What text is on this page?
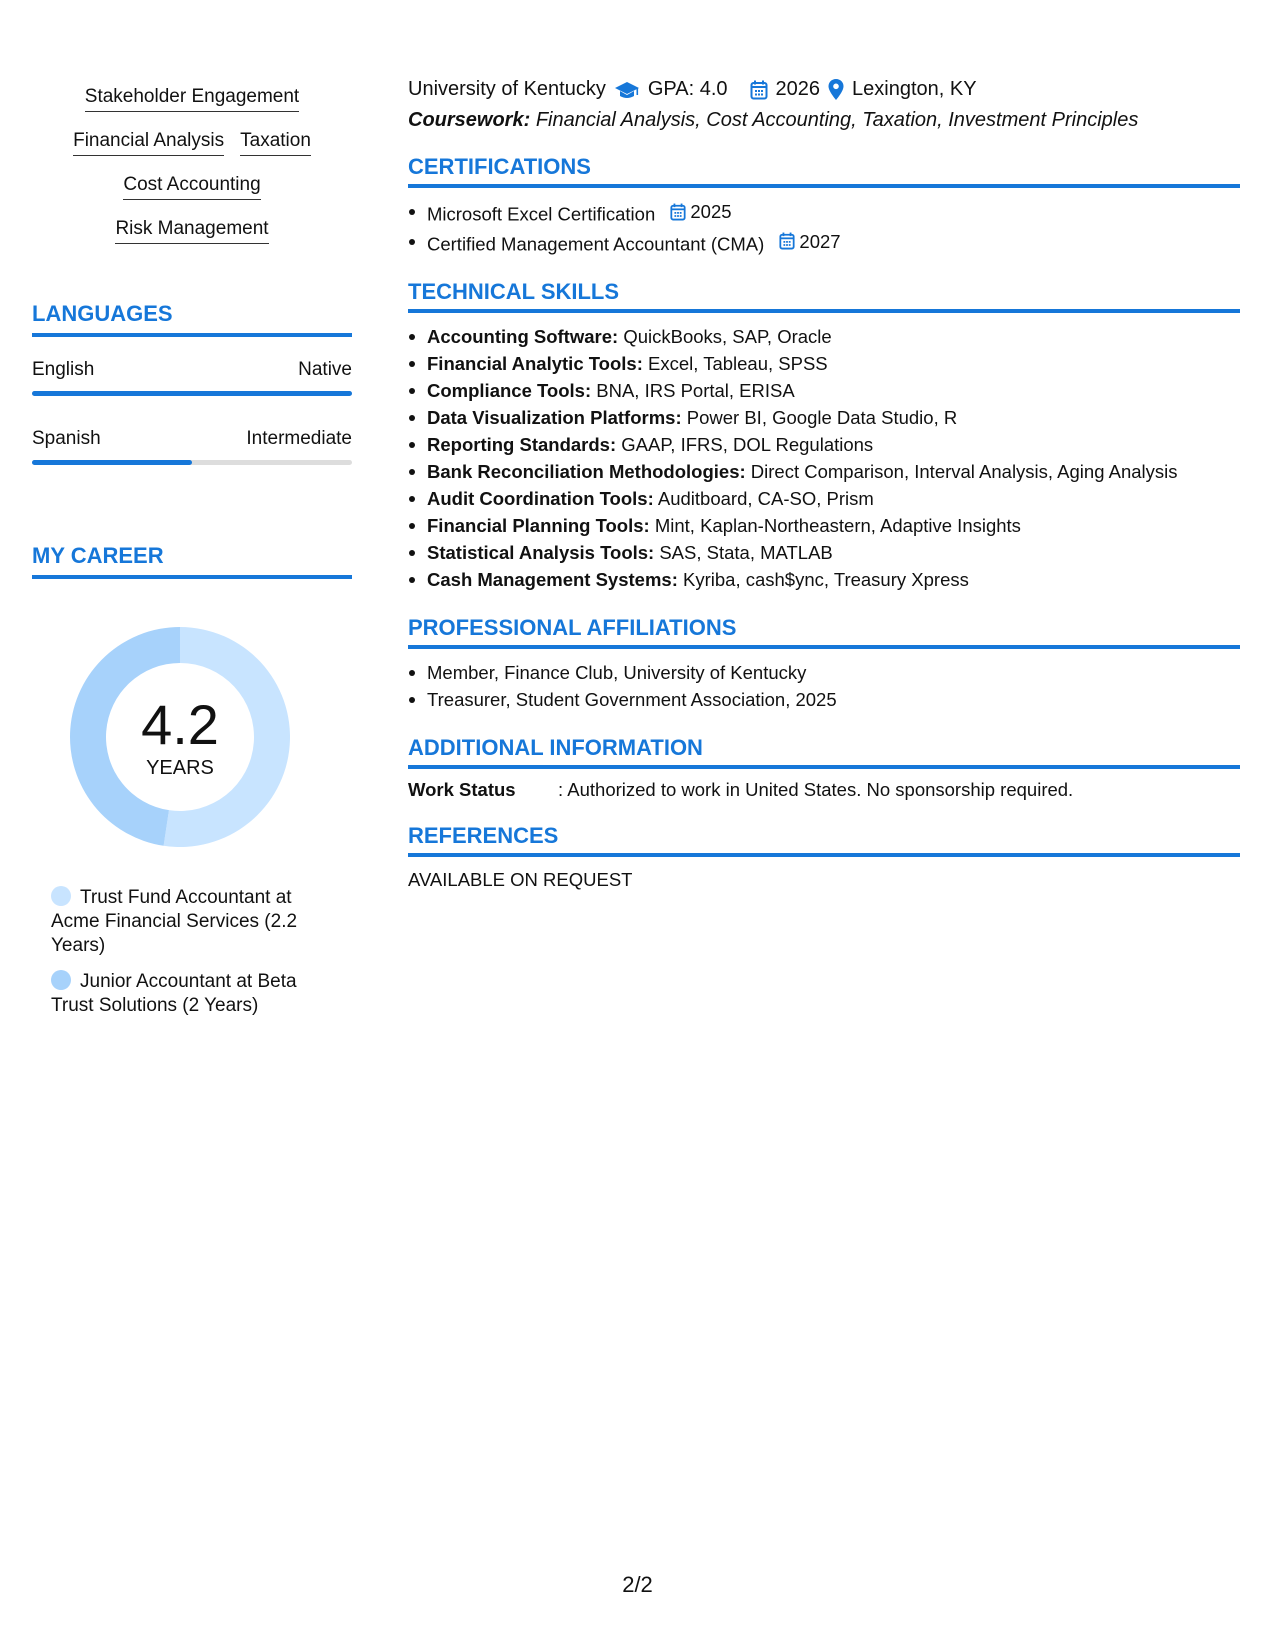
Stakeholder Engagement
Financial Analysis Taxation
Cost Accounting
Risk Management
LANGUAGES
English	Native
Spanish	Intermediate
MY CAREER
4.2
YEARS
Trust Fund Accountant at Acme Financial Services (2.2 Years)
Junior Accountant at Beta Trust Solutions (2 Years)
University of Kentucky GPA: 4.0 2026 Lexington, KY
Coursework: Financial Analysis, Cost Accounting, Taxation, Investment Principles
CERTIFICATIONS
Microsoft Excel Certification 2025
Certified Management Accountant (CMA) 2027
TECHNICAL SKILLS
Accounting Software: QuickBooks, SAP, Oracle
Financial Analytic Tools: Excel, Tableau, SPSS
Compliance Tools: BNA, IRS Portal, ERISA
Data Visualization Platforms: Power BI, Google Data Studio, R
Reporting Standards: GAAP, IFRS, DOL Regulations
Bank Reconciliation Methodologies: Direct Comparison, Interval Analysis, Aging Analysis
Audit Coordination Tools: Auditboard, CA-SO, Prism
Financial Planning Tools: Mint, Kaplan-Northeastern, Adaptive Insights
Statistical Analysis Tools: SAS, Stata, MATLAB
Cash Management Systems: Kyriba, cash$ync, Treasury Xpress
PROFESSIONAL AFFILIATIONS
Member, Finance Club, University of Kentucky
Treasurer, Student Government Association, 2025
ADDITIONAL INFORMATION
Work Status	: Authorized to work in United States. No sponsorship required.
REFERENCES
AVAILABLE ON REQUEST
2/2
